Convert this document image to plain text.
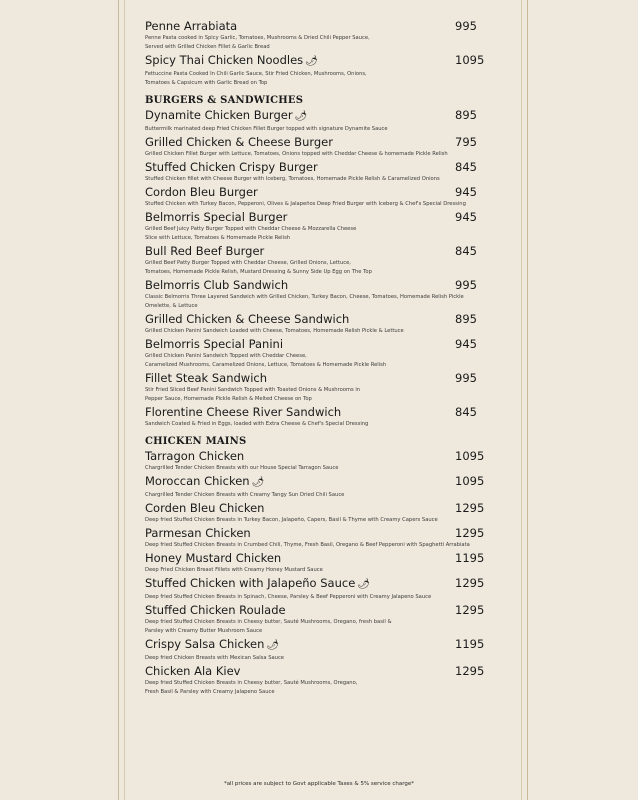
Penne Arrabiata	995
Penne Pasta cooked in Spicy Garlic, Tomatoes, Mushrooms & Dried Chili Pepper Sauce,
Served with Grilled Chicken Fillet & Garlic Bread
Spicy Thai Chicken Noodles 🌶	1095
Fettuccine Pasta Cooked In Chili Garlic Sauce, Stir Fried Chicken, Mushrooms, Onions,
Tomatoes & Capsicum with Garlic Bread on Top
BURGERS & SANDWICHES
Dynamite Chicken Burger 🌶	895
Buttermilk marinated deep Fried Chicken Fillet Burger topped with signature Dynamite Sauce
Grilled Chicken & Cheese Burger	795
Grilled Chicken Fillet Burger with Lettuce, Tomatoes, Onions topped with Cheddar Cheese & homemade Pickle Relish
Stuffed Chicken Crispy Burger	845
Stuffed Chicken fillet with Cheese Burger with Iceberg, Tomatoes, Homemade Pickle Relish & Caramelized Onions
Cordon Bleu Burger	945
Stuffed Chicken with Turkey Bacon, Pepperoni, Olives & Jalapeños Deep Fried Burger with Iceberg & Chef's Special Dressing
Belmorris Special Burger	945
Grilled Beef Juicy Patty Burger Topped with Cheddar Cheese & Mozzarella Cheese
Slice with Lettuce, Tomatoes & Homemade Pickle Relish
Bull Red Beef Burger	845
Grilled Beef Patty Burger Topped with Cheddar Cheese, Grilled Onions, Lettuce,
Tomatoes, Homemade Pickle Relish, Mustard Dressing & Sunny Side Up Egg on The Top
Belmorris Club Sandwich	995
Classic Belmorris Three Layered Sandwich with Grilled Chicken, Turkey Bacon, Cheese, Tomatoes, Homemade Relish Pickle
Omelette, & Lettuce
Grilled Chicken & Cheese Sandwich	895
Grilled Chicken Panini Sandwich Loaded with Cheese, Tomatoes, Homemade Relish Pickle & Lettuce
Belmorris Special Panini	945
Grilled Chicken Panini Sandwich Topped with Cheddar Cheese,
Caramelized Mushrooms, Caramelized Onions, Lettuce, Tomatoes & Homemade Pickle Relish
Fillet Steak Sandwich	995
Stir Fried Sliced Beef Panini Sandwich Topped with Toasted Onions & Mushrooms in
Pepper Sauce, Homemade Pickle Relish & Melted Cheese on Top
Florentine Cheese River Sandwich	845
Sandwich Coated & Fried in Eggs, loaded with Extra Cheese & Chef's Special Dressing
CHICKEN MAINS
Tarragon Chicken	1095
Chargrilled Tender Chicken Breasts with our House Special Tarragon Sauce
Moroccan Chicken 🌶	1095
Chargrilled Tender Chicken Breasts with Creamy Tangy Sun Dried Chili Sauce
Corden Bleu Chicken	1295
Deep fried Stuffed Chicken Breasts in Turkey Bacon, Jalapeño, Capers, Basil & Thyme with Creamy Capers Sauce
Parmesan Chicken	1295
Deep fried Stuffed Chicken Breasts in Crumbed Chili, Thyme, Fresh Basil, Oregano & Beef Pepperoni with Spaghetti Arrabiata
Honey Mustard Chicken	1195
Deep Fried Chicken Breast Fillets with Creamy Honey Mustard Sauce
Stuffed Chicken with Jalapeño Sauce 🌶	1295
Deep fried Stuffed Chicken Breasts in Spinach, Cheese, Parsley & Beef Pepperoni with Creamy Jalapeno Sauce
Stuffed Chicken Roulade	1295
Deep fried Stuffed Chicken Breasts in Cheesy butter, Sauté Mushrooms, Oregano, fresh basil &
Parsley with Creamy Butter Mushroom Sauce
Crispy Salsa Chicken 🌶	1195
Deep fried Chicken Breasts with Mexican Salsa Sauce
Chicken Ala Kiev	1295
Deep fried Stuffed Chicken Breasts in Cheesy butter, Sauté Mushrooms, Oregano,
Fresh Basil & Parsley with Creamy Jalapeno Sauce
*all prices are subject to Govt applicable Taxes & 5% service charge*
